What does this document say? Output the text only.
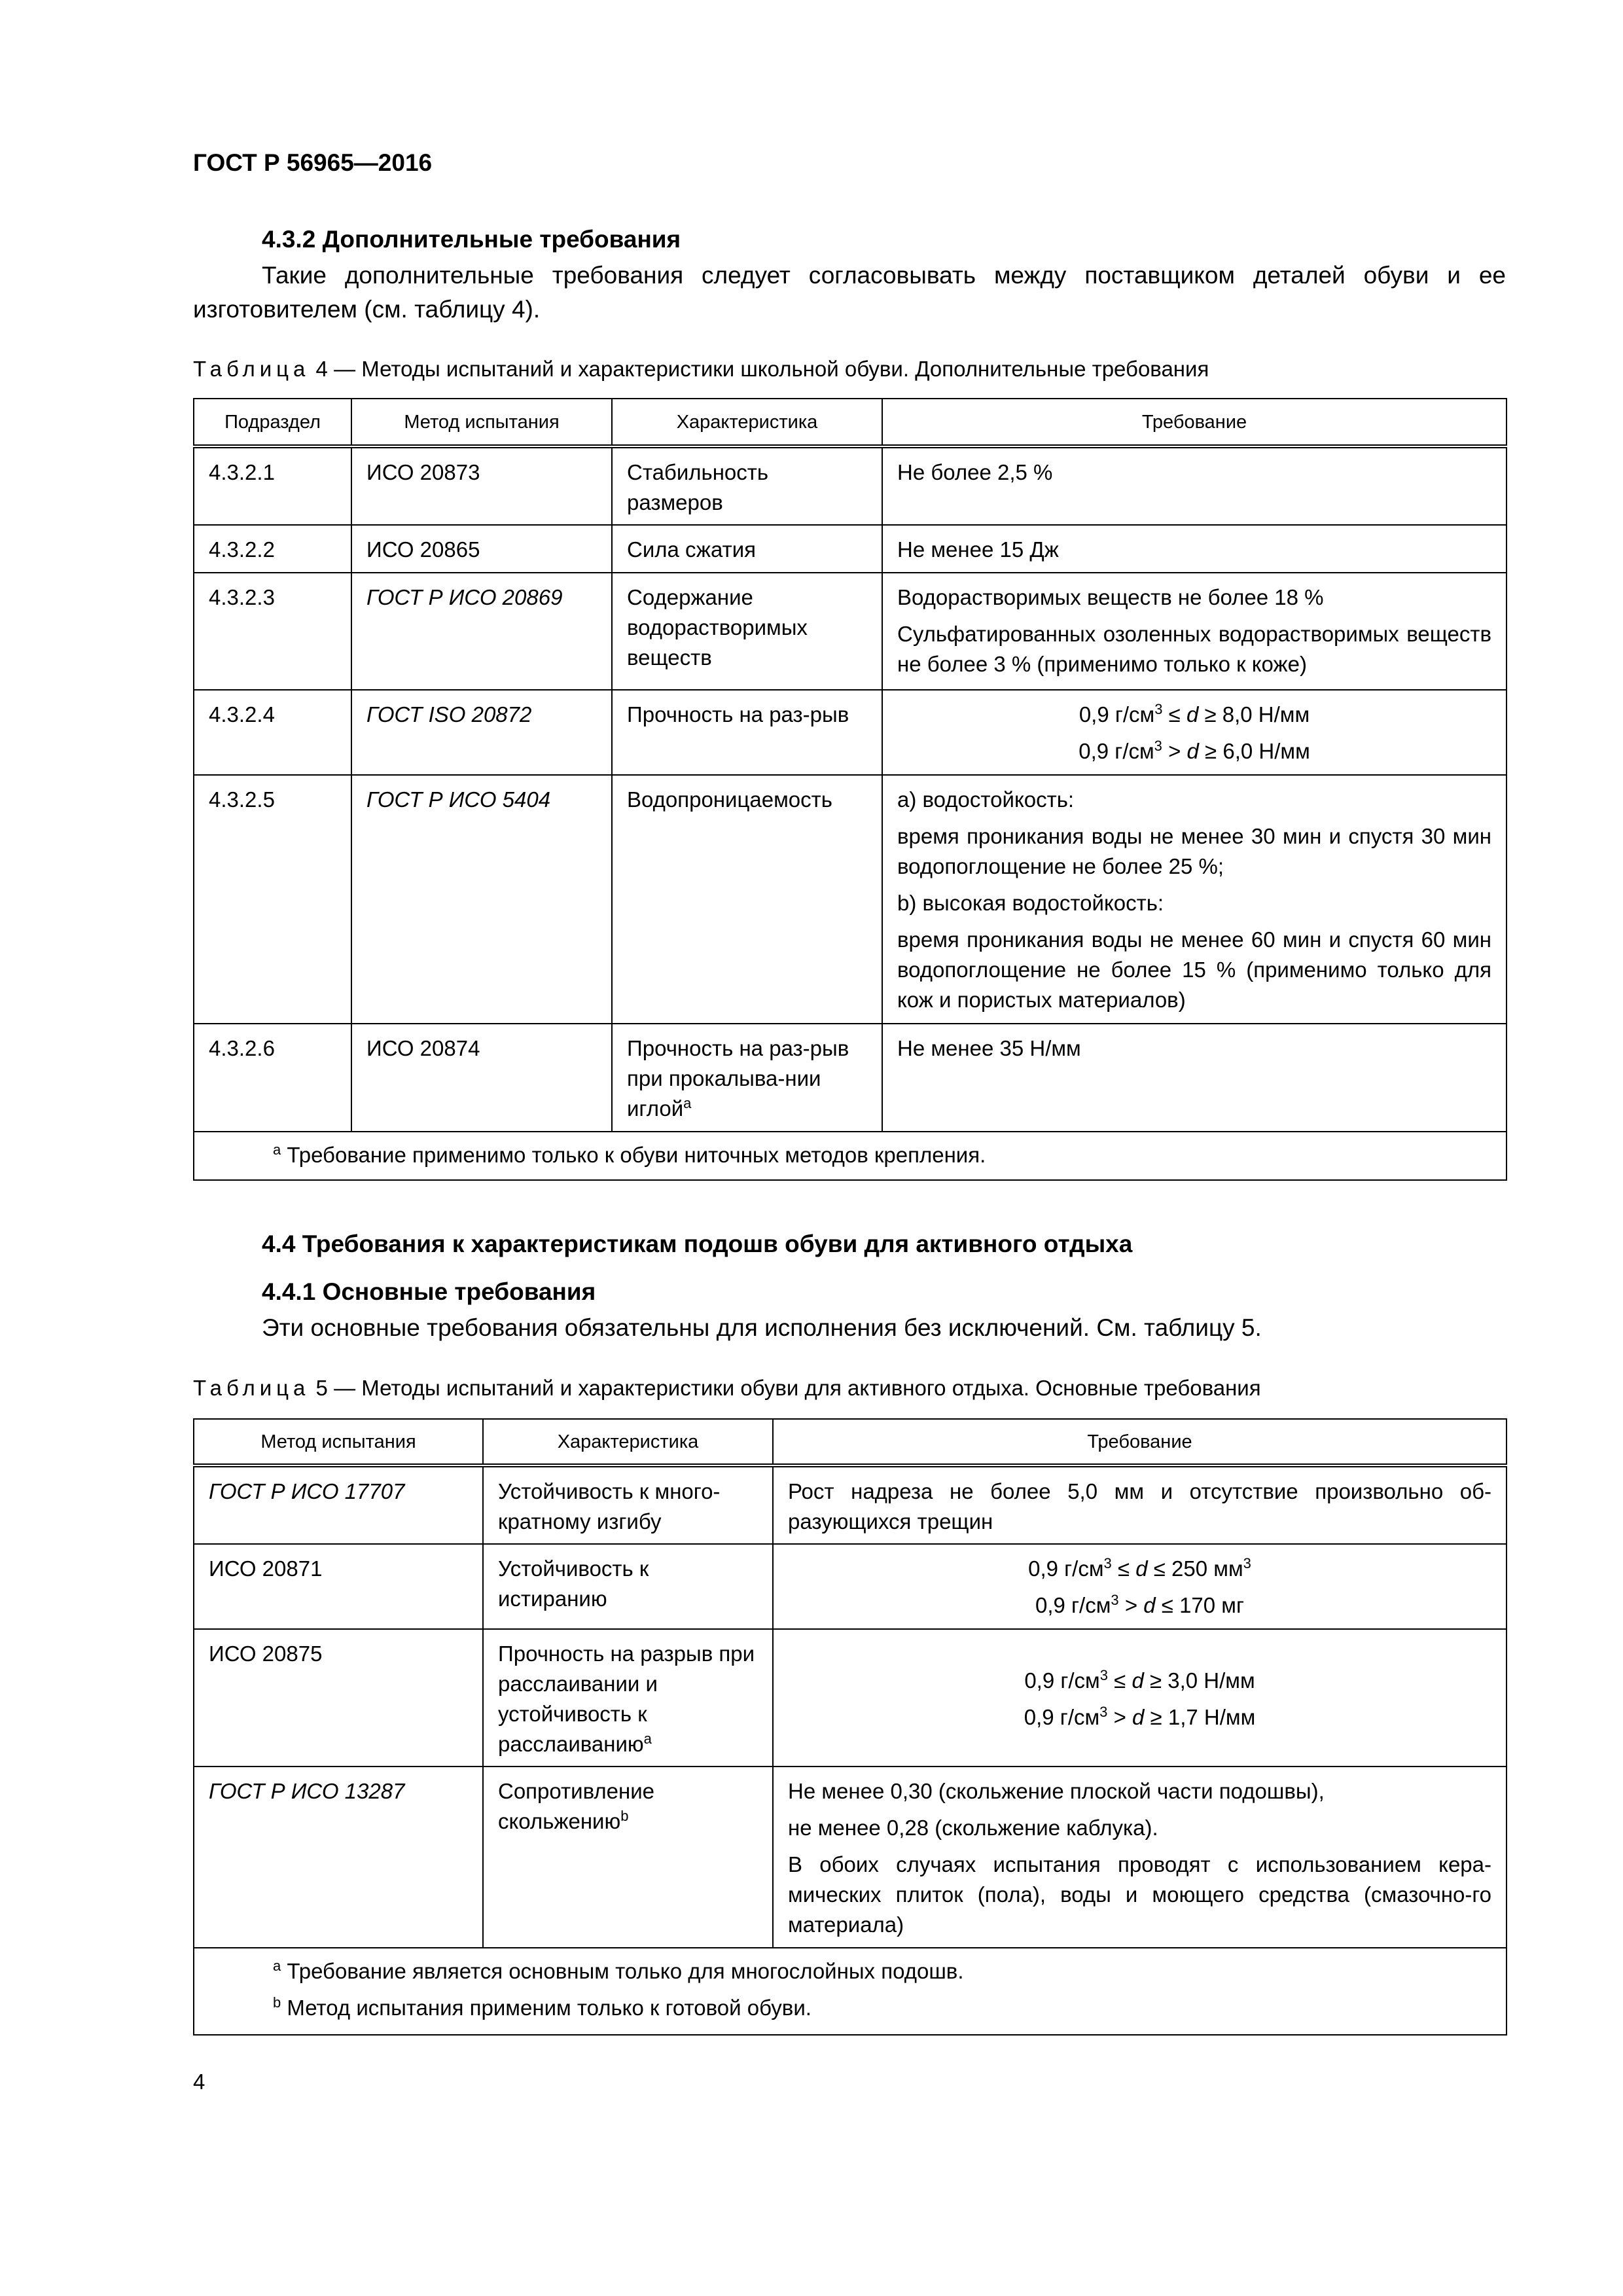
ГОСТ Р 56965—2016
4.3.2 Дополнительные требования
Такие дополнительные требования следует согласовывать между поставщиком деталей обуви и ее изготовителем (см. таблицу 4).
Таблица 4 — Методы испытаний и характеристики школьной обуви. Дополнительные требования
Подраздел	Метод испытания	Характеристика	Требование
4.3.2.1	ИСО 20873	Стабильность размеров	Не более 2,5 %
4.3.2.2	ИСО 20865	Сила сжатия	Не менее 15 Дж
4.3.2.3	ГОСТ Р ИСО 20869	Содержание водорастворимых веществ	Водорастворимых веществ не более 18 %
Сульфатированных озоленных водорастворимых веществ не более 3 % (применимо только к коже)

4.3.2.4	ГОСТ ISO 20872	Прочность на раз-рыв	0,9 $г/см^3 \le d \ge 8,0$ Н/мм
0,9 $г/см^3 > d \ge 6,0$ Н/мм

4.3.2.5	ГОСТ Р ИСО 5404	Водопроницаемость	a) водостойкость:
время проникания воды не менее 30 мин и спустя 30 мин водопоглощение не более 25 %;
b) высокая водостойкость:
время проникания воды не менее 60 мин и спустя 60 мин водопоглощение не более 15 % (применимо только для кож и пористых материалов)

4.3.2.6	ИСО 20874	Прочность на раз-рыв при прокалыва-нии иглой$^a$	Не менее 35 Н/мм
$^a$ Требование применимо только к обуви ниточных методов крепления.			
4.4 Требования к характеристикам подошв обуви для активного отдыха
4.4.1 Основные требования
Эти основные требования обязательны для исполнения без исключений. См. таблицу 5.
Таблица 5 — Методы испытаний и характеристики обуви для активного отдыха. Основные требования
Метод испытания	Характеристика	Требование
ГОСТ Р ИСО 17707	Устойчивость к много-кратному изгибу	Рост надреза не более 5,0 мм и отсутствие произвольно об-разующихся трещин
ИСО 20871	Устойчивость к истиранию	0,9 $г/см^3 \le d \le 250$ $мм^3$
0,9 $г/см^3 > d \le 170$ мг

ИСО 20875	Прочность на разрыв при расслаивании и устойчивость к расслаиванию$^a$	0,9 $г/см^3 \le d \ge 3,0$ Н/мм
0,9 $г/см^3 > d \ge 1,7$ Н/мм

ГОСТ Р ИСО 13287	Сопротивление скольжению$^b$	Не менее 0,30 (скольжение плоской части подошвы),
не менее 0,28 (скольжение каблука).
В обоих случаях испытания проводят с использованием кера-мических плиток (пола), воды и моющего средства (смазочно-го материала)

$^a$ Требование является основным только для многослойных подошв.
$^b$ Метод испытания применим только к готовой обуви.		
4
